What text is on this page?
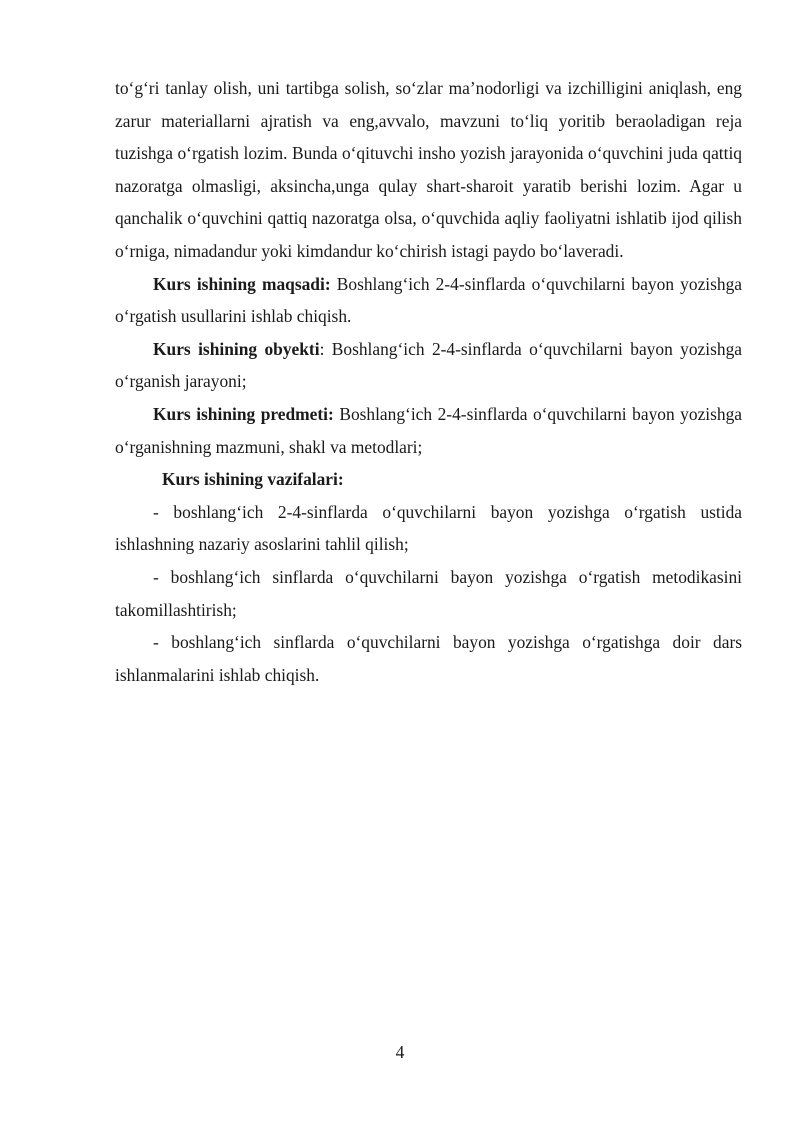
to‘g‘ri tanlay olish, uni tartibga solish, so‘zlar ma’nodorligi va izchilligini aniqlash, eng zarur materiallarni ajratish va eng,avvalo, mavzuni to‘liq yoritib beraoladigan reja tuzishga o‘rgatish lozim. Bunda o‘qituvchi insho yozish jarayonida o‘quvchini juda qattiq nazoratga olmasligi, aksincha,unga qulay shart-sharoit yaratib berishi lozim. Agar u qanchalik o‘quvchini qattiq nazoratga olsa, o‘quvchida aqliy faoliyatni ishlatib ijod qilish o‘rniga, nimadandur yoki kimdandur ko‘chirish istagi paydo bo‘laveradi.

Kurs ishining maqsadi: Boshlang‘ich 2-4-sinflarda o‘quvchilarni bayon yozishga o‘rgatish usullarini ishlab chiqish.

Kurs ishining obyekti: Boshlang‘ich 2-4-sinflarda o‘quvchilarni bayon yozishga o‘rganish jarayoni;

Kurs ishining predmeti: Boshlang‘ich 2-4-sinflarda o‘quvchilarni bayon yozishga o‘rganishning mazmuni, shakl va metodlari;

Kurs ishining vazifalari:

- boshlang‘ich 2-4-sinflarda o‘quvchilarni bayon yozishga o‘rgatish ustida ishlashning nazariy asoslarini tahlil qilish;

- boshlang‘ich sinflarda o‘quvchilarni bayon yozishga o‘rgatish metodikasini takomillashtirish;

- boshlang‘ich sinflarda o‘quvchilarni bayon yozishga o‘rgatishga doir dars ishlanmalarini ishlab chiqish.

4
